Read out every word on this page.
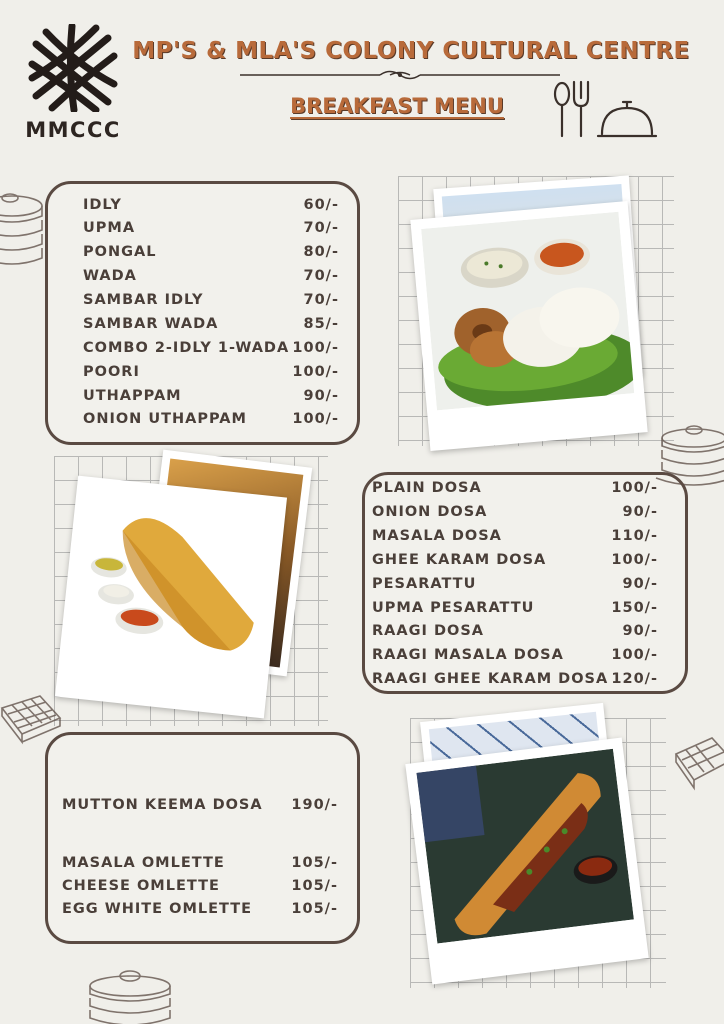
MMCCC
MP'S & MLA'S COLONY CULTURAL CENTRE
BREAKFAST MENU
IDLY	60/-
UPMA	70/-
PONGAL	80/-
WADA	70/-
SAMBAR IDLY	70/-
SAMBAR WADA	85/-
COMBO 2-IDLY 1-WADA 100/-
POORI	100/-
UTHAPPAM	90/-
ONION UTHAPPAM	100/-
PLAIN DOSA	100/-
ONION DOSA	90/-
MASALA DOSA	110/-
GHEE KARAM DOSA	100/-
PESARATTU	90/-
UPMA PESARATTU	150/-
RAAGI DOSA	90/-
RAAGI MASALA DOSA	100/-
RAAGI GHEE KARAM DOSA 120/-
MUTTON KEEMA DOSA 190/-
MASALA OMLETTE	105/-
CHEESE OMLETTE	105/-
EGG WHITE OMLETTE	105/-
